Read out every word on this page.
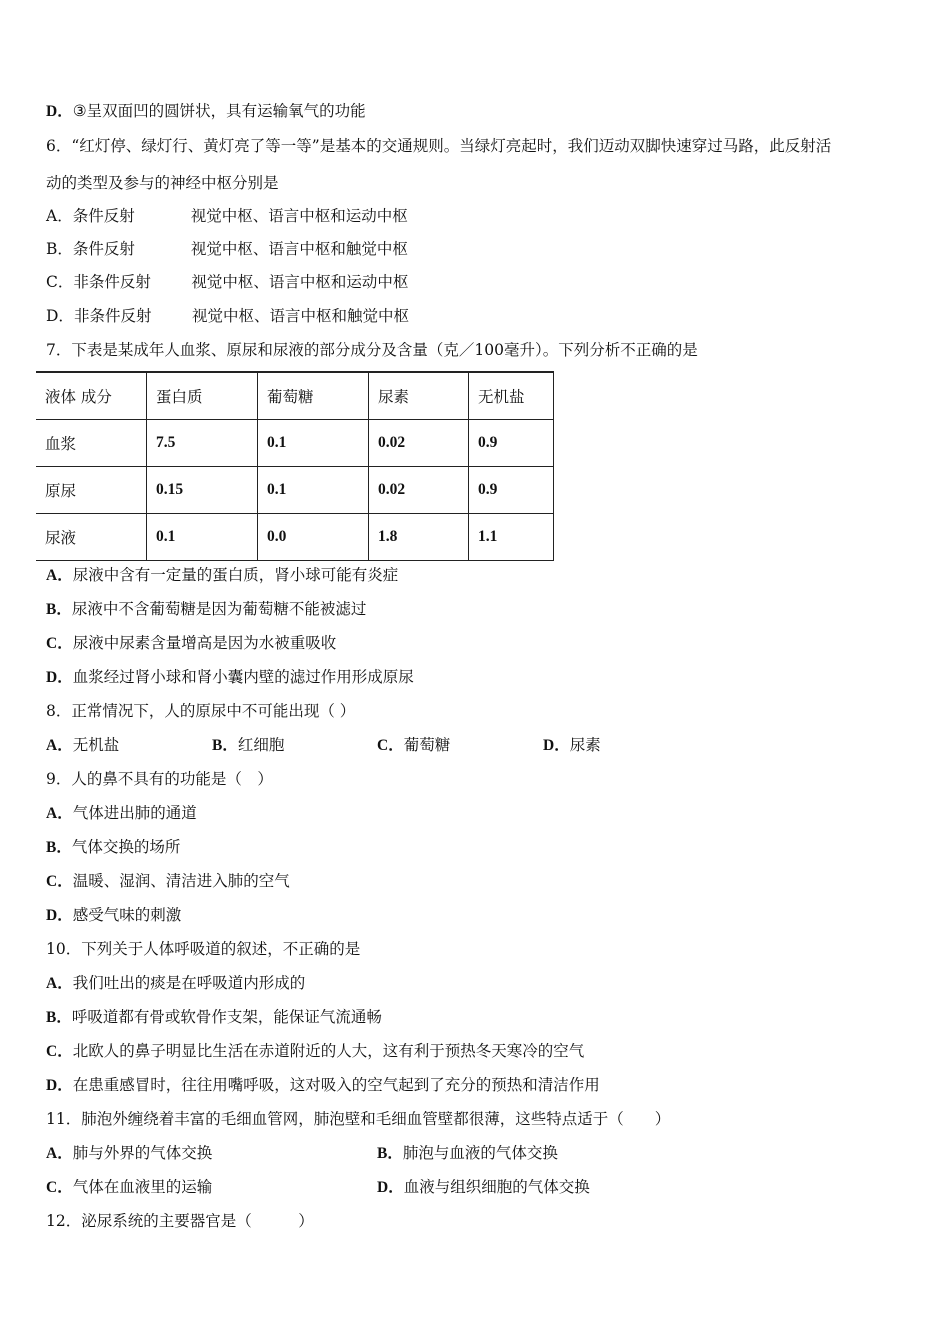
D．③呈双面凹的圆饼状，具有运输氧气的功能
6．“红灯停、绿灯行、黄灯亮了等一等”是基本的交通规则。当绿灯亮起时，我们迈动双脚快速穿过马路，此反射活
动的类型及参与的神经中枢分别是
A．条件反射	视觉中枢、语言中枢和运动中枢
B．条件反射	视觉中枢、语言中枢和触觉中枢
C．非条件反射	视觉中枢、语言中枢和运动中枢
D．非条件反射	视觉中枢、语言中枢和触觉中枢
7．下表是某成年人血浆、原尿和尿液的部分成分及含量（克／100毫升）。下列分析不正确的是
液体 成分	蛋白质	葡萄糖	尿素	无机盐
血浆	7.5	0.1	0.02	0.9
原尿	0.15	0.1	0.02	0.9
尿液	0.1	0.0	1.8	1.1
A．尿液中含有一定量的蛋白质，肾小球可能有炎症
B．尿液中不含葡萄糖是因为葡萄糖不能被滤过
C．尿液中尿素含量增高是因为水被重吸收
D．血浆经过肾小球和肾小囊内壁的滤过作用形成原尿
8．正常情况下，人的原尿中不可能出现（ ）
A．无机盐	B．红细胞	C．葡萄糖	D．尿素
9．人的鼻不具有的功能是（　）
A．气体进出肺的通道
B．气体交换的场所
C．温暖、湿润、清洁进入肺的空气
D．感受气味的刺激
10．下列关于人体呼吸道的叙述，不正确的是
A．我们吐出的痰是在呼吸道内形成的
B．呼吸道都有骨或软骨作支架，能保证气流通畅
C．北欧人的鼻子明显比生活在赤道附近的人大，这有利于预热冬天寒冷的空气
D．在患重感冒时，往往用嘴呼吸，这对吸入的空气起到了充分的预热和清洁作用
11．肺泡外缠绕着丰富的毛细血管网，肺泡壁和毛细血管壁都很薄，这些特点适于（　　）
A．肺与外界的气体交换	B．肺泡与血液的气体交换
C．气体在血液里的运输	D．血液与组织细胞的气体交换
12．泌尿系统的主要器官是（　　　）
